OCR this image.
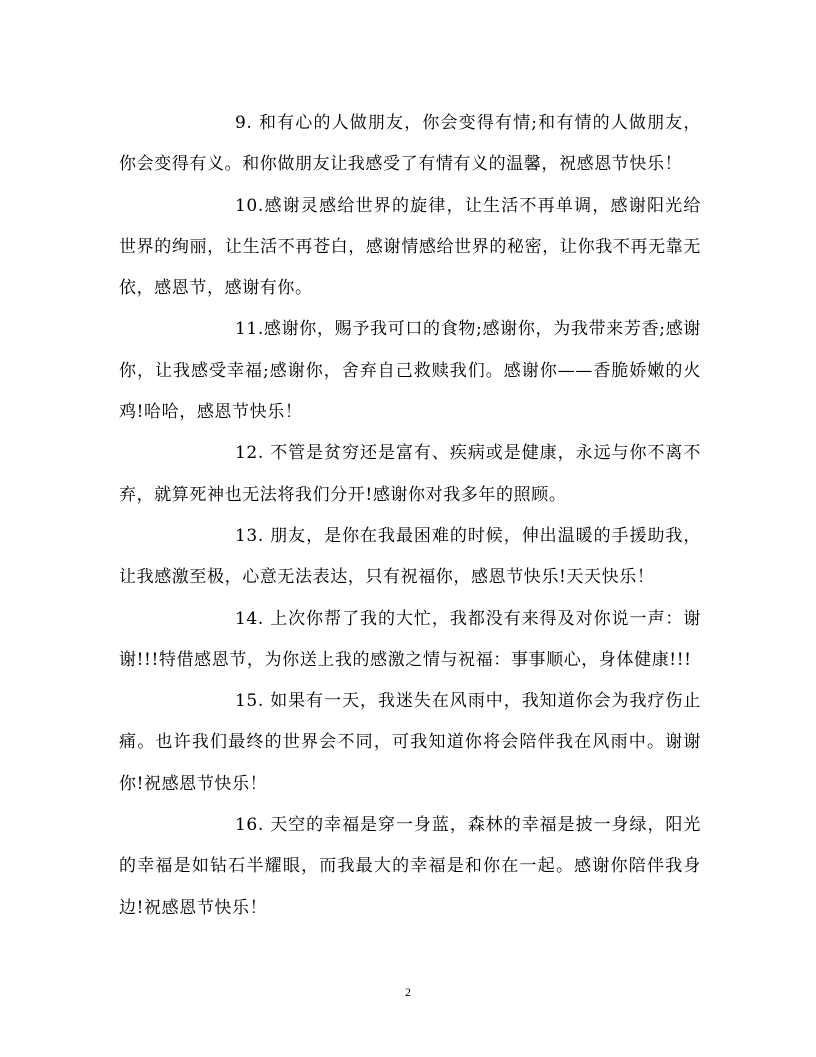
9. 和有心的人做朋友，你会变得有情;和有情的人做朋友，你会变得有义。和你做朋友让我感受了有情有义的温馨，祝感恩节快乐！

10.感谢灵感给世界的旋律，让生活不再单调，感谢阳光给世界的绚丽，让生活不再苍白，感谢情感给世界的秘密，让你我不再无靠无依，感恩节，感谢有你。

11.感谢你，赐予我可口的食物;感谢你，为我带来芳香;感谢你，让我感受幸福;感谢你，舍弃自己救赎我们。感谢你——香脆娇嫩的火鸡!哈哈，感恩节快乐！

12. 不管是贫穷还是富有、疾病或是健康，永远与你不离不弃，就算死神也无法将我们分开!感谢你对我多年的照顾。

13. 朋友，是你在我最困难的时候，伸出温暖的手援助我，让我感激至极，心意无法表达，只有祝福你，感恩节快乐!天天快乐！

14. 上次你帮了我的大忙，我都没有来得及对你说一声：谢谢!!!特借感恩节，为你送上我的感激之情与祝福：事事顺心，身体健康!!!

15. 如果有一天，我迷失在风雨中，我知道你会为我疗伤止痛。也许我们最终的世界会不同，可我知道你将会陪伴我在风雨中。谢谢你!祝感恩节快乐！

16. 天空的幸福是穿一身蓝，森林的幸福是披一身绿，阳光的幸福是如钻石半耀眼，而我最大的幸福是和你在一起。感谢你陪伴我身边!祝感恩节快乐！

2
